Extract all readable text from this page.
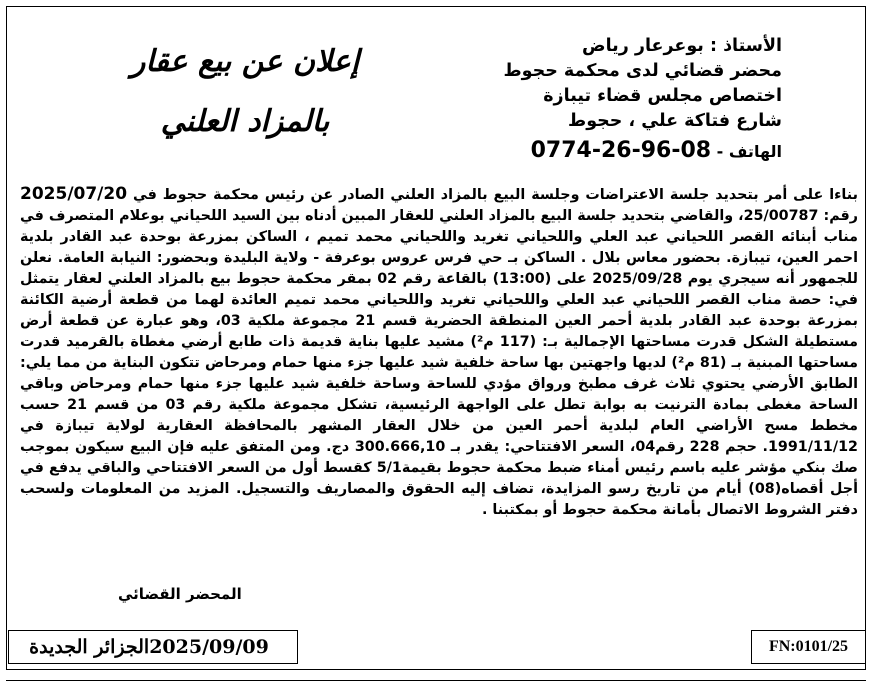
الأستاذ : بوعرعار رياض
محضر قضائي لدى محكمة حجوط
اختصاص مجلس قضاء تيبازة
شارع فتاكة علي ، حجوط
الهاتف - 0774-26-96-08
إعلان عن بيع عقار
بالمزاد العلني
بناءا على أمر بتحديد جلسة الاعتراضات وجلسة البيع بالمزاد العلني الصادر عن رئيس محكمة حجوط في 2025/07/20 رقم: 25/00787، والقاضي بتحديد جلسة البيع بالمزاد العلني للعقار المبين أدناه بين السيد اللحياني بوعلام المتصرف في مناب أبنائه القصر اللحياني عبد العلي واللحياني تغريد واللحياني محمد تميم ، الساكن بمزرعة بوحدة عبد القادر بلدية احمر العين، تيبازة. بحضور معاس بلال . الساكن بـ حي فرس عروس بوعرفة - ولاية البليدة وبحضور: النيابة العامة. نعلن للجمهور أنه سيجري يوم 2025/09/28 على (13:00) بالقاعة رقم 02 بمقر محكمة حجوط بيع بالمزاد العلني لعقار يتمثل في: حصة مناب القصر اللحياني عبد العلي واللحياني تغريد واللحياني محمد تميم العائدة لهما من قطعة أرضية الكائنة بمزرعة بوحدة عبد القادر بلدية أحمر العين المنطقة الحضرية قسم 21 مجموعة ملكية 03، وهو عبارة عن قطعة أرض مستطيلة الشكل قدرت مساحتها الإجمالية بـ: (117 م²) مشيد عليها بناية قديمة ذات طابع أرضي مغطاة بالقرميد قدرت مساحتها المبنية بـ (81 م²) لديها واجهتين بها ساحة خلفية شيد عليها جزء منها حمام ومرحاض تتكون البناية من مما يلي: الطابق الأرضي يحتوي ثلاث غرف مطبخ ورواق مؤدي للساحة وساحة خلفية شيد عليها جزء منها حمام ومرحاض وباقي الساحة مغطى بمادة الترنيت به بوابة تطل على الواجهة الرئيسية، تشكل مجموعة ملكية رقم 03 من قسم 21 حسب مخطط مسح الأراضي العام لبلدية أحمر العين من خلال العقار المشهر بالمحافظة العقارية لولاية تيبازة في 1991/11/12. حجم 228 رقم04، السعر الافتتاحي: يقدر بـ 300.666,10 دج. ومن المتفق عليه فإن البيع سيكون بموجب صك بنكي مؤشر عليه باسم رئيس أمناء ضبط محكمة حجوط بقيمة5/1 كقسط أول من السعر الافتتاحي والباقي يدفع في أجل أقصاه(08) أيام من تاريخ رسو المزايدة، تضاف إليه الحقوق والمصاريف والتسجيل. المزيد من المعلومات ولسحب دفتر الشروط الاتصال بأمانة محكمة حجوط أو بمكتبنا .
المحضر القضائي
الجزائر الجديدة 2025/09/09	FN:0101/25
